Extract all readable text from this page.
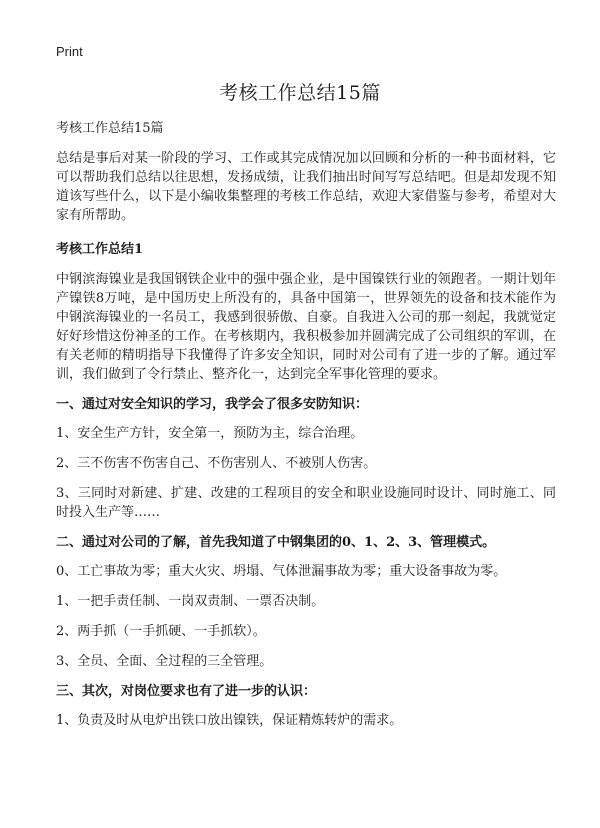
Print
考核工作总结15篇

考核工作总结15篇

总结是事后对某一阶段的学习、工作或其完成情况加以回顾和分析的一种书面材料，它可以帮助我们总结以往思想，发扬成绩，让我们抽出时间写写总结吧。但是却发现不知道该写些什么，以下是小编收集整理的考核工作总结，欢迎大家借鉴与参考，希望对大家有所帮助。

考核工作总结1

中钢滨海镍业是我国钢铁企业中的强中强企业，是中国镍铁行业的领跑者。一期计划年产镍铁8万吨，是中国历史上所没有的，具备中国第一，世界领先的设备和技术能作为中钢滨海镍业的一名员工，我感到很骄傲、自豪。自我进入公司的那一刻起，我就觉定好好珍惜这份神圣的工作。在考核期内，我积极参加并圆满完成了公司组织的军训，在有关老师的精明指导下我懂得了许多安全知识，同时对公司有了进一步的了解。通过军训，我们做到了令行禁止、整齐化一，达到完全军事化管理的要求。

一、通过对安全知识的学习，我学会了很多安防知识：

1、安全生产方针，安全第一，预防为主，综合治理。

2、三不伤害不伤害自己、不伤害别人、不被别人伤害。

3、三同时对新建、扩建、改建的工程项目的安全和职业设施同时设计、同时施工、同时投入生产等……

二、通过对公司的了解，首先我知道了中钢集团的0、1、2、3、管理模式。

0、工亡事故为零；重大火灾、坍塌、气体泄漏事故为零；重大设备事故为零。

1、一把手责任制、一岗双责制、一票否决制。

2、两手抓（一手抓硬、一手抓软）。

3、全员、全面、全过程的三全管理。

三、其次，对岗位要求也有了进一步的认识：

1、负责及时从电炉出铁口放出镍铁，保证精炼转炉的需求。
